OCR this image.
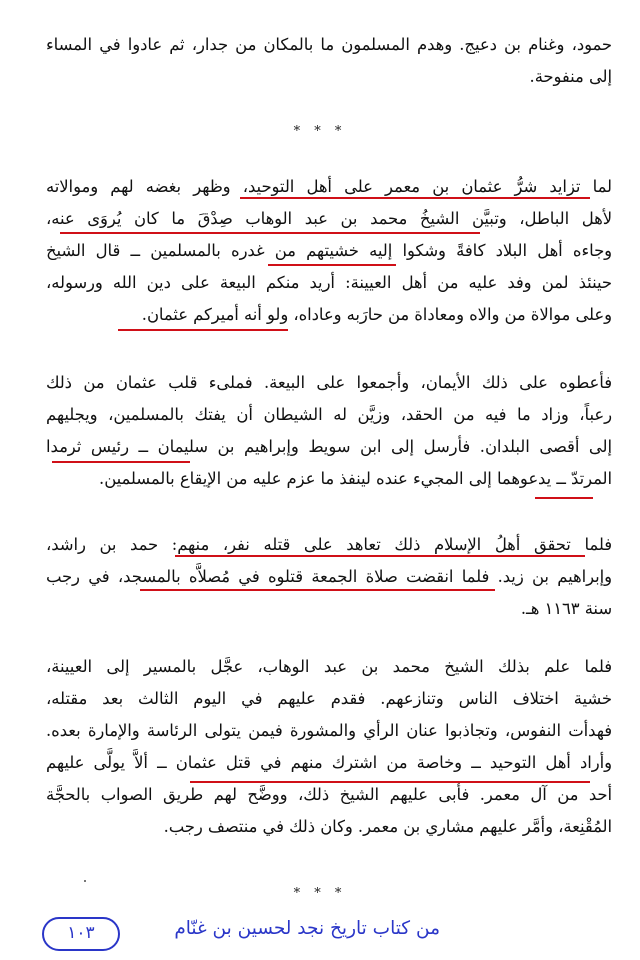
حمود، وغنام بن دعيج. وهدم المسلمون ما بالمكان من جدار، ثم عادوا في المساء
إلى منفوحة.
* * *
لما تزايد شرُّ عثمان بن معمر على أهل التوحيد، وظهر بغضه لهم وموالاته
لأهل الباطل، وتبيَّن الشيخُ محمد بن عبد الوهاب صِدْقَ ما كان يُروَى عنه،
وجاءه أهل البلاد كافةً وشكوا إليه خشيتهم من غدره بالمسلمين ــ قال الشيخ
حينئذ لمن وفد عليه من أهل العيينة: أريد منكم البيعة على دين الله ورسوله،
وعلى موالاة من والاه ومعاداة من حارَبه وعاداه، ولو أنه أميركم عثمان.
فأعطوه على ذلك الأيمان، وأجمعوا على البيعة. فملىء قلب عثمان من ذلك
رعباً، وزاد ما فيه من الحقد، وزيَّن له الشيطان أن يفتك بالمسلمين، ويجليهم
إلى أقصى البلدان. فأرسل إلى ابن سويط وإبراهيم بن سليمان ــ رئيس ثرمدا
المرتدّ ــ يدعوهما إلى المجيء عنده لينفذ ما عزم عليه من الإيقاع بالمسلمين.
فلما تحقق أهلُ الإسلام ذلك تعاهد على قتله نفر، منهم: حمد بن راشد،
وإبراهيم بن زيد. فلما انقضت صلاة الجمعة قتلوه في مُصلاَّه بالمسجد، في رجب
سنة ١١٦٣ هـ.
فلما علم بذلك الشيخ محمد بن عبد الوهاب، عجَّل بالمسير إلى العيينة،
خشية اختلاف الناس وتنازعهم. فقدم عليهم في اليوم الثالث بعد مقتله،
فهدأت النفوس، وتجاذبوا عنان الرأي والمشورة فيمن يتولى الرئاسة والإمارة بعده.
وأراد أهل التوحيد ــ وخاصة من اشترك منهم في قتل عثمان ــ ألاَّ يولَّى عليهم
أحد من آل معمر. فأبى عليهم الشيخ ذلك، ووضَّح لهم طريق الصواب بالحجَّة
المُقْنِعة، وأمَّر عليهم مشاري بن معمر. وكان ذلك في منتصف رجب.
* * *
من كتاب تاريخ نجد لحسين بن غنّام
١٠٣
